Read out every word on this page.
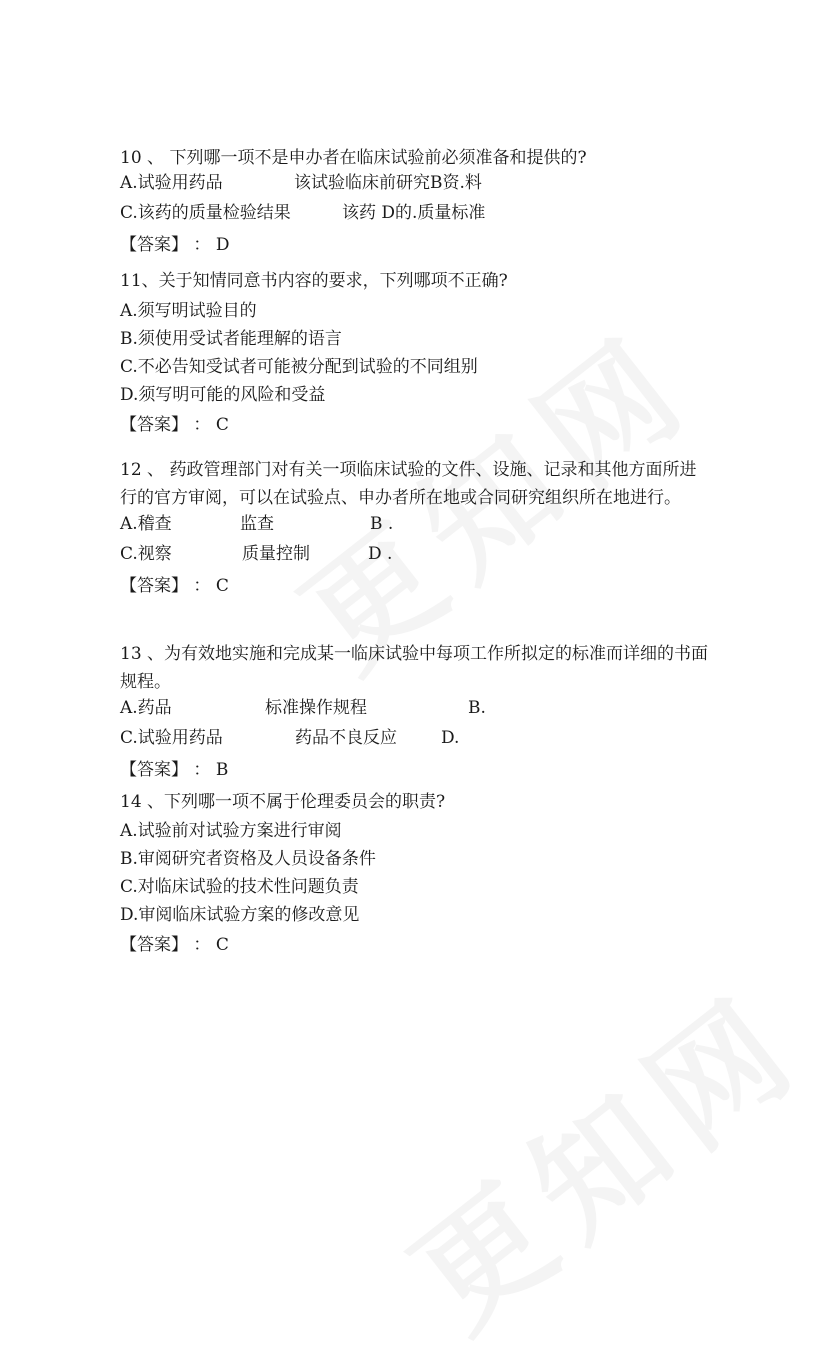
10 、 下列哪一项不是申办者在临床试验前必须准备和提供的?
A.试验用药品	该试验临床前研究B资.料
C.该药的质量检验结果	该药 D的.质量标准
【答案】 ： D
11、关于知情同意书内容的要求，下列哪项不正确?
A.须写明试验目的
B.须使用受试者能理解的语言
C.不必告知受试者可能被分配到试验的不同组别
D.须写明可能的风险和受益
【答案】 ： C
12 、 药政管理部门对有关一项临床试验的文件、设施、记录和其他方面所进行的官方审阅，可以在试验点、申办者所在地或合同研究组织所在地进行。
A.稽查	监查	B .
C.视察	质量控制	D .
【答案】 ： C
13 、为有效地实施和完成某一临床试验中每项工作所拟定的标准而详细的书面规程。
A.药品	标准操作规程	B.
C.试验用药品	药品不良反应	D.
【答案】 ： B
14 、下列哪一项不属于伦理委员会的职责?
A.试验前对试验方案进行审阅
B.审阅研究者资格及人员设备条件
C.对临床试验的技术性问题负责
D.审阅临床试验方案的修改意见
【答案】 ： C
